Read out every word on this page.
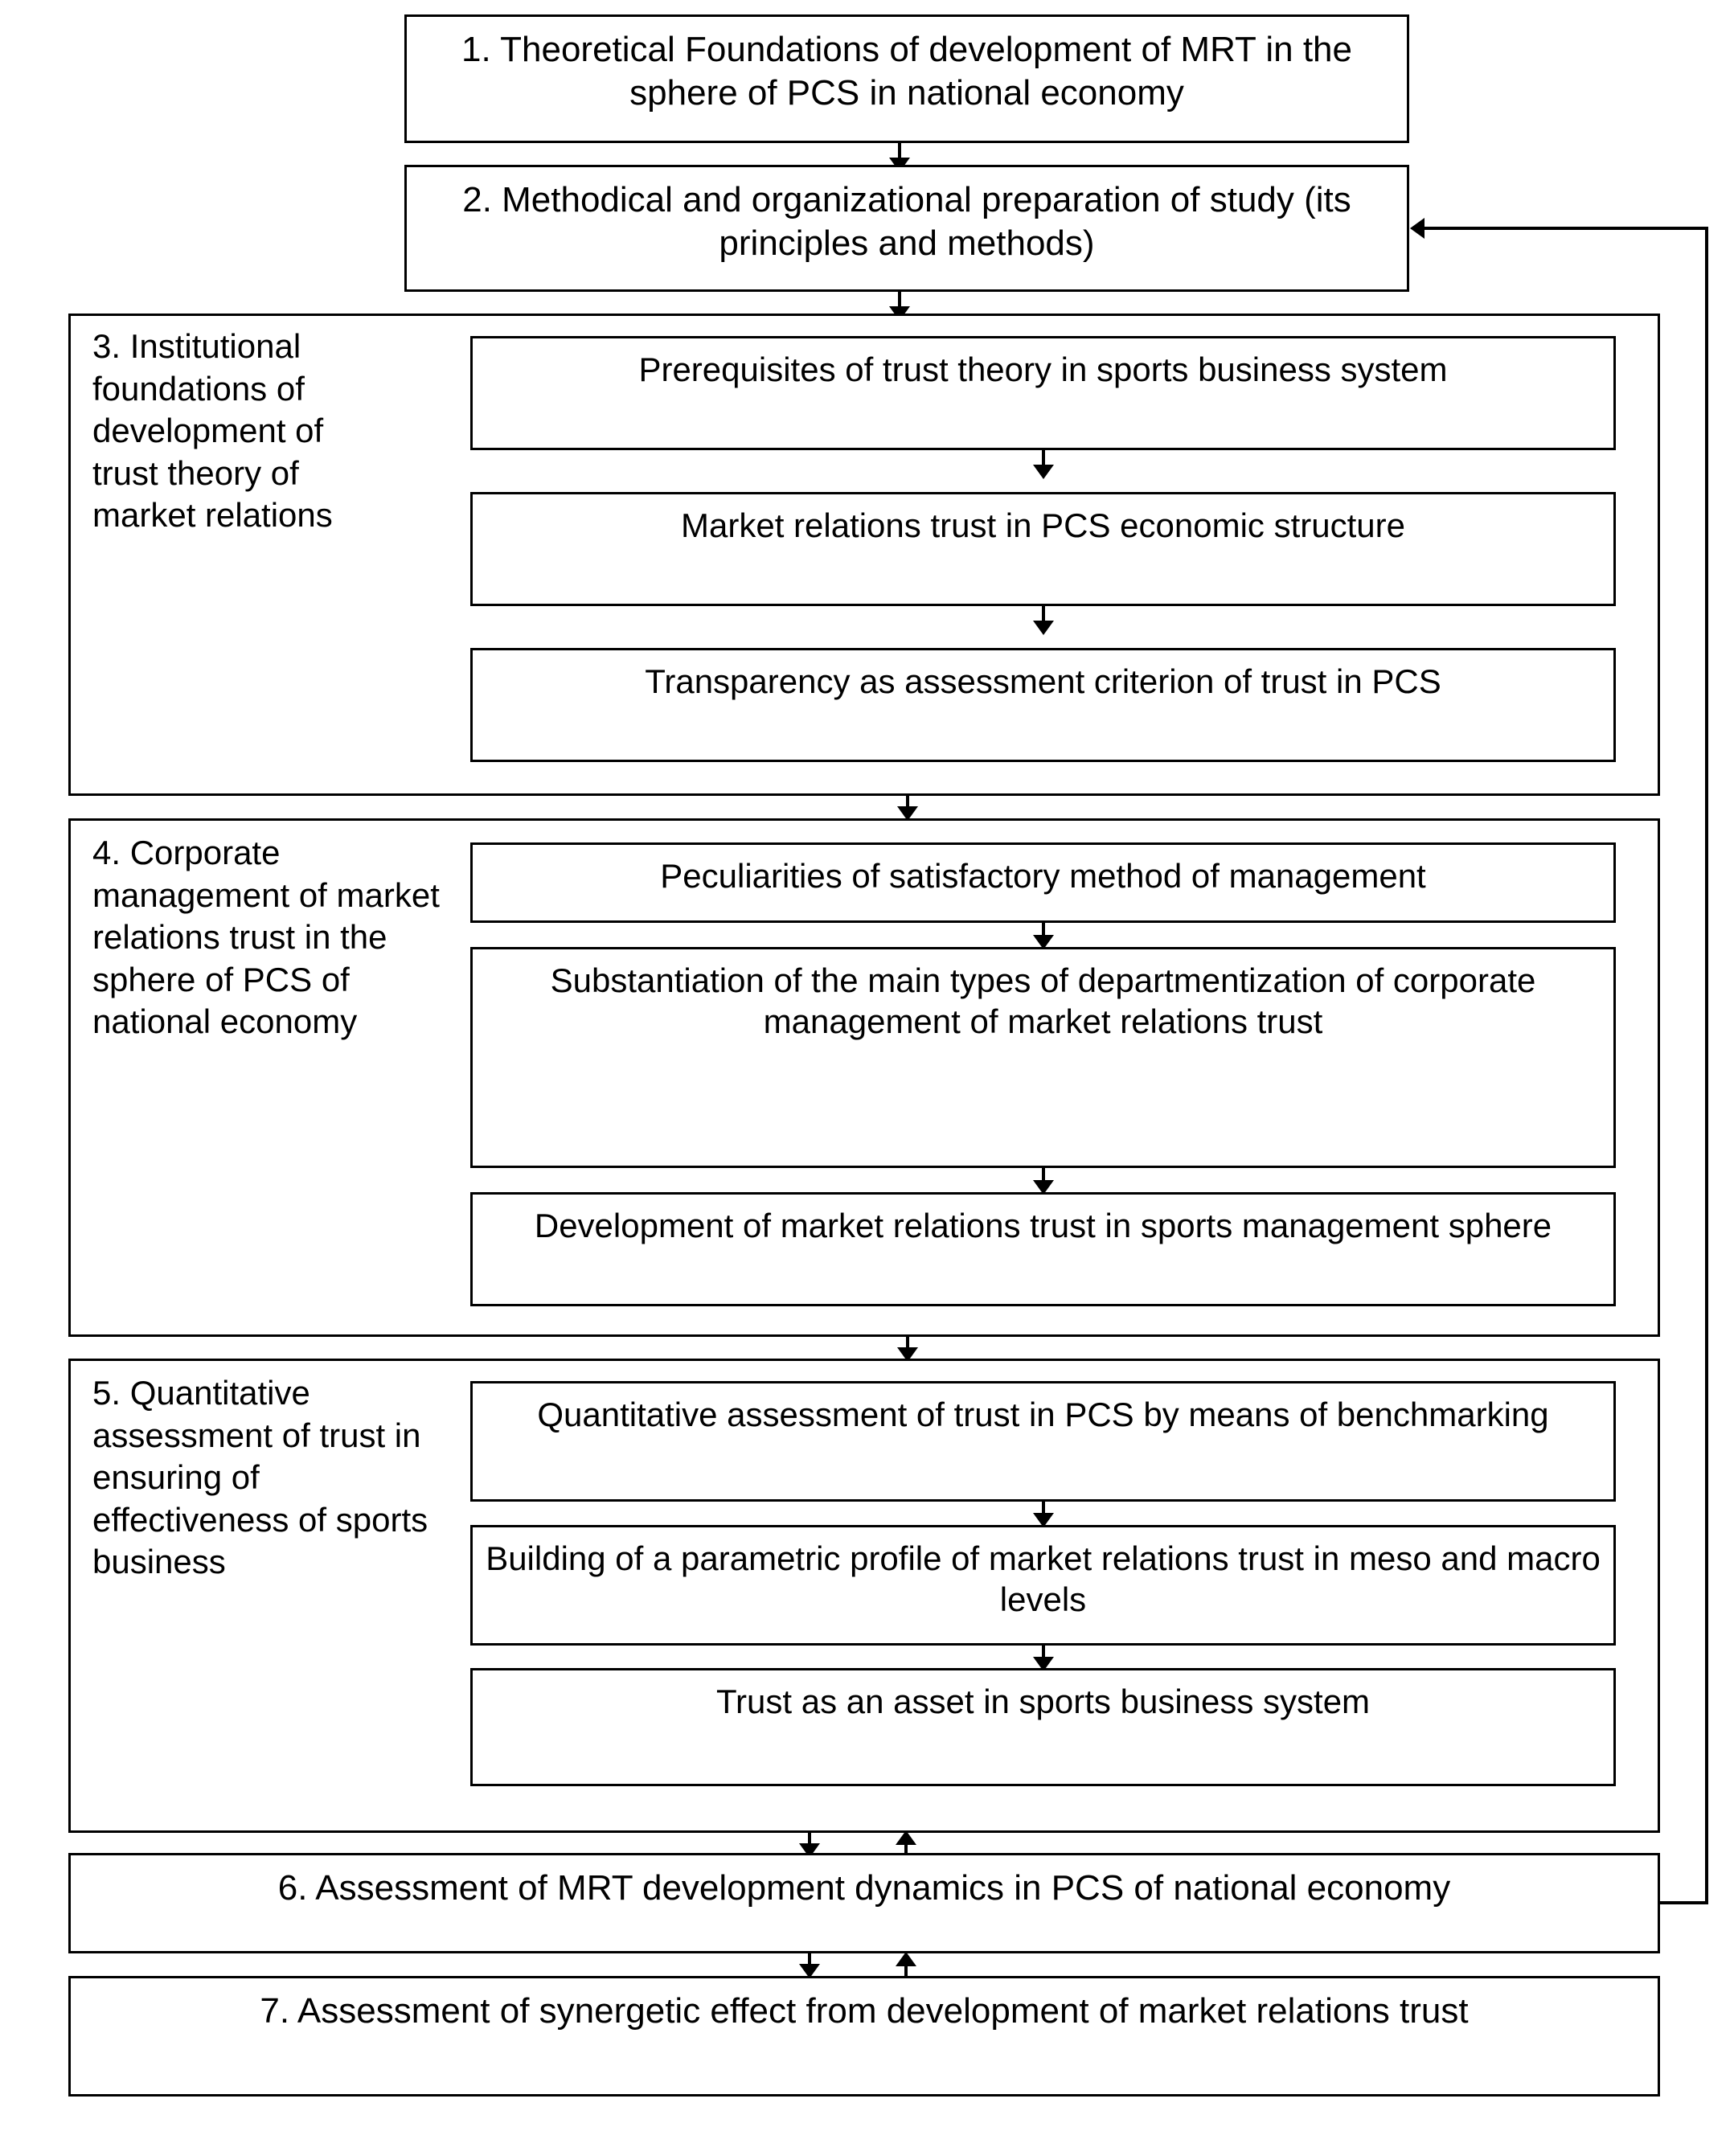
1. Theoretical Foundations of development of MRT in the sphere of PCS in national economy
2. Methodical and organizational preparation of study (its principles and methods)
3. Institutional foundations of development of trust theory of market relations
Prerequisites of trust theory in sports business system
Market relations trust in PCS economic structure
Transparency as assessment criterion of trust in PCS
4. Corporate management of market relations trust in the sphere of PCS of national economy
Peculiarities of satisfactory method of management
Substantiation of the main types of departmentization of corporate management of market relations trust
Development of market relations trust in sports management sphere
5. Quantitative assessment of trust in ensuring of effectiveness of sports business
Quantitative assessment of trust in PCS by means of benchmarking
Building of a parametric profile of market relations trust in meso and macro levels
Trust as an asset in sports business system
6. Assessment of MRT development dynamics in PCS of national economy
7. Assessment of synergetic effect from development of market relations trust
